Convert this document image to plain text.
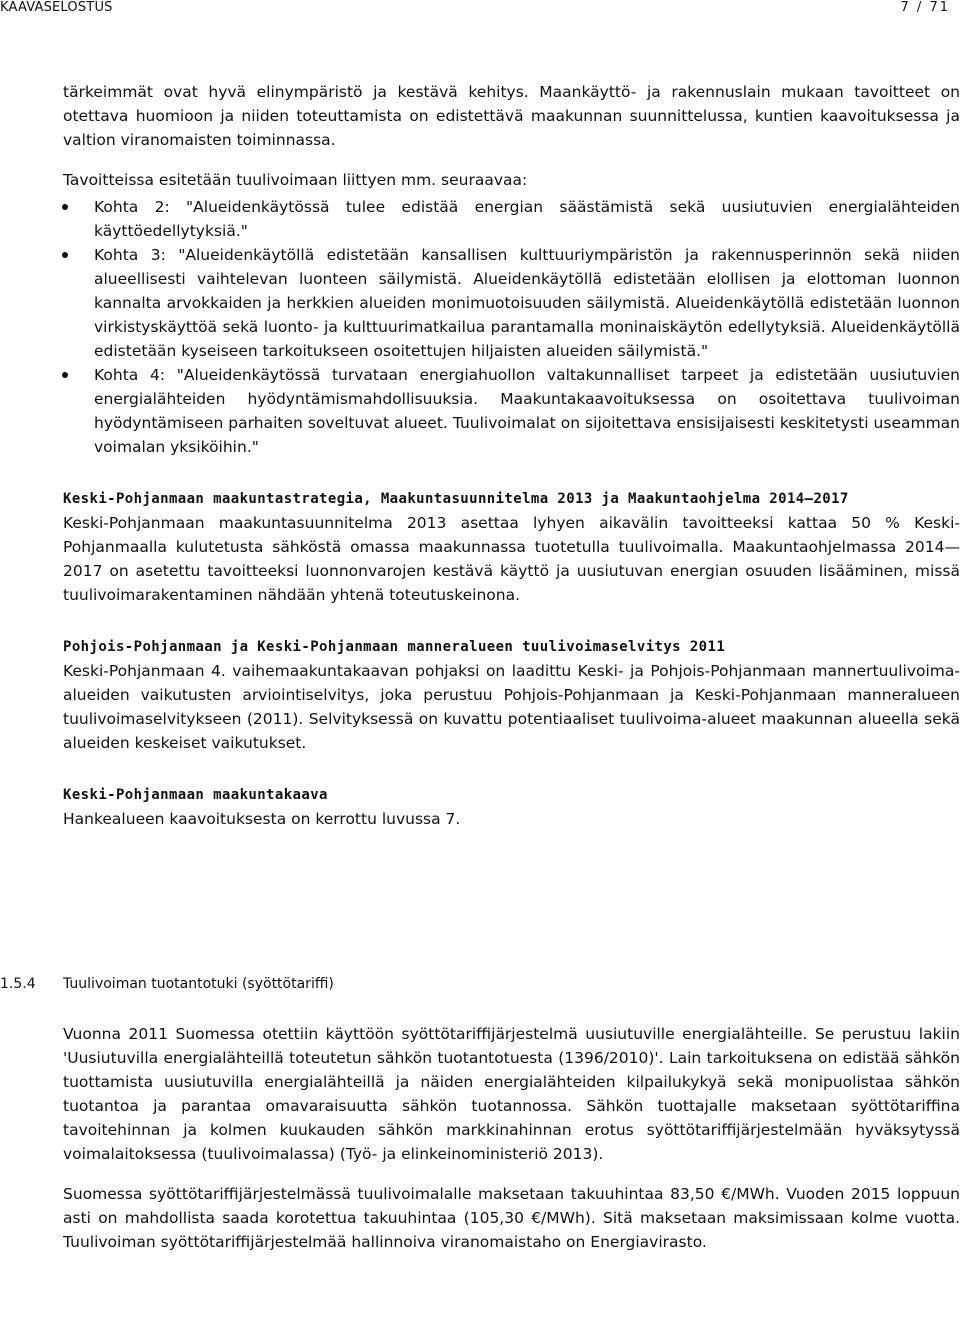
KAAVASELOSTUS	7 / 71

tärkeimmät ovat hyvä elinympäristö ja kestävä kehitys. Maankäyttö- ja rakennuslain mukaan tavoitteet on otettava huomioon ja niiden toteuttamista on edistettävä maakunnan suunnittelussa, kuntien kaavoituksessa ja valtion viranomaisten toiminnassa.

Tavoitteissa esitetään tuulivoimaan liittyen mm. seuraavaa:

Kohta 2: "Alueidenkäytössä tulee edistää energian säästämistä sekä uusiutuvien energialähteiden käyttöedellytyksiä."
Kohta 3: "Alueidenkäytöllä edistetään kansallisen kulttuuriympäristön ja rakennusperinnön sekä niiden alueellisesti vaihtelevan luonteen säilymistä. Alueidenkäytöllä edistetään elollisen ja elottoman luonnon kannalta arvokkaiden ja herkkien alueiden monimuotoisuuden säilymistä. Alueidenkäytöllä edistetään luonnon virkistyskäyttöä sekä luonto- ja kulttuurimatkailua parantamalla moninaiskäytön edellytyksiä. Alueidenkäytöllä edistetään kyseiseen tarkoitukseen osoitettujen hiljaisten alueiden säilymistä."
Kohta 4: "Alueidenkäytössä turvataan energiahuollon valtakunnalliset tarpeet ja edistetään uusiutuvien energialähteiden hyödyntämismahdollisuuksia. Maakuntakaavoituksessa on osoitettava tuulivoiman hyödyntämiseen parhaiten soveltuvat alueet. Tuulivoimalat on sijoitettava ensisijaisesti keskitetysti useamman voimalan yksiköihin."

Keski-Pohjanmaan maakuntastrategia, Maakuntasuunnitelma 2013 ja Maakuntaohjelma 2014—2017

Keski-Pohjanmaan maakuntasuunnitelma 2013 asettaa lyhyen aikavälin tavoitteeksi kattaa 50 % Keski-Pohjanmaalla kulutetusta sähköstä omassa maakunnassa tuotetulla tuulivoimalla. Maakuntaohjelmassa 2014—2017 on asetettu tavoitteeksi luonnonvarojen kestävä käyttö ja uusiutuvan energian osuuden lisääminen, missä tuulivoimarakentaminen nähdään yhtenä toteutuskeinona.

Pohjois-Pohjanmaan ja Keski-Pohjanmaan manneralueen tuulivoimaselvitys 2011

Keski-Pohjanmaan 4. vaihemaakuntakaavan pohjaksi on laadittu Keski- ja Pohjois-Pohjanmaan mannertuulivoima-alueiden vaikutusten arviointiselvitys, joka perustuu Pohjois-Pohjanmaan ja Keski-Pohjanmaan manneralueen tuulivoimaselvitykseen (2011). Selvityksessä on kuvattu potentiaaliset tuulivoima-alueet maakunnan alueella sekä alueiden keskeiset vaikutukset.

Keski-Pohjanmaan maakuntakaava

Hankealueen kaavoituksesta on kerrottu luvussa 7.

1.5.4 Tuulivoiman tuotantotuki (syöttötariffi)

Vuonna 2011 Suomessa otettiin käyttöön syöttötariffijärjestelmä uusiutuville energialähteille. Se perustuu lakiin 'Uusiutuvilla energialähteillä toteutetun sähkön tuotantotuesta (1396/2010)'. Lain tarkoituksena on edistää sähkön tuottamista uusiutuvilla energialähteillä ja näiden energialähteiden kilpailukykyä sekä monipuolistaa sähkön tuotantoa ja parantaa omavaraisuutta sähkön tuotannossa. Sähkön tuottajalle maksetaan syöttötariffina tavoitehinnan ja kolmen kuukauden sähkön markkinahinnan erotus syöttötariffijärjestelmään hyväksytyssä voimalaitoksessa (tuulivoimalassa) (Työ- ja elinkeinoministeriö 2013).

Suomessa syöttötariffijärjestelmässä tuulivoimalalle maksetaan takuuhintaa 83,50 €/MWh. Vuoden 2015 loppuun asti on mahdollista saada korotettua takuuhintaa (105,30 €/MWh). Sitä maksetaan maksimissaan kolme vuotta. Tuulivoiman syöttötariffijärjestelmää hallinnoiva viranomaistaho on Energiavirasto.
